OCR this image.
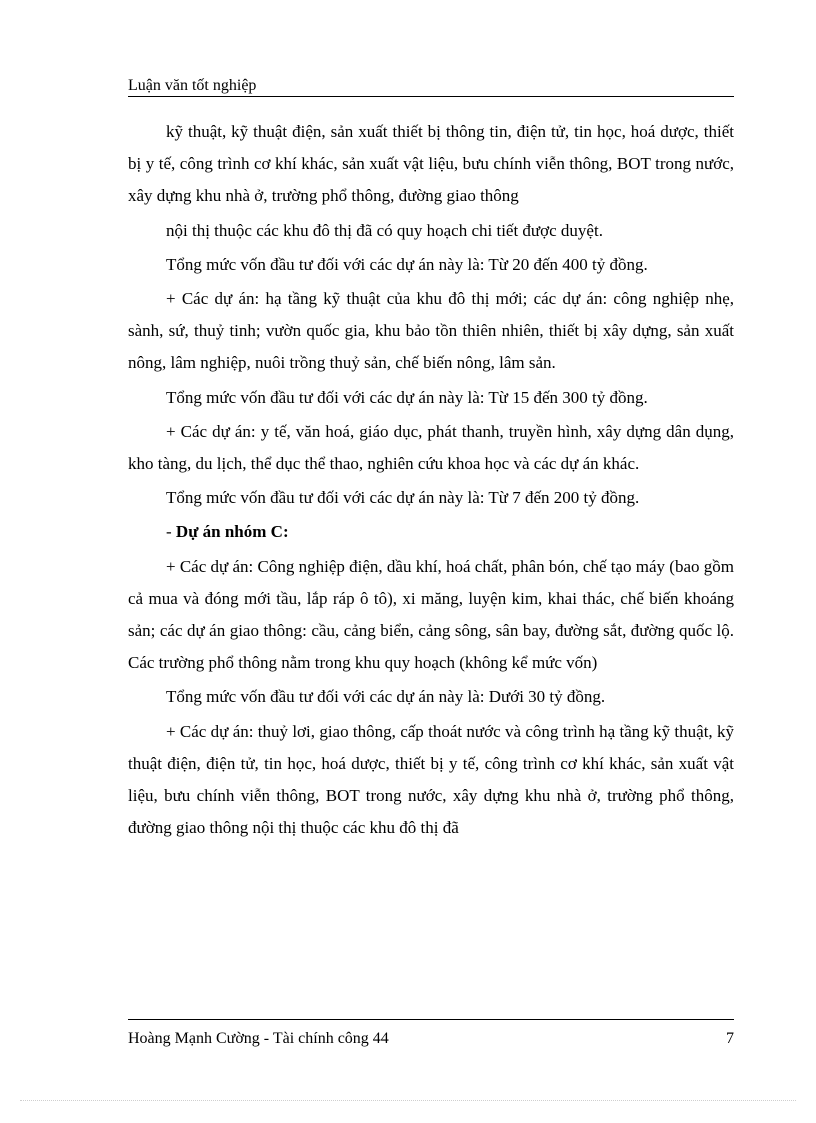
Luận văn tốt nghiệp

kỹ thuật, kỹ thuật điện, sản xuất thiết bị thông tin, điện tử, tin học, hoá dược, thiết bị y tế, công trình cơ khí khác, sản xuất vật liệu, bưu chính viễn thông, BOT trong nước, xây dựng khu nhà ở, trường phổ thông, đường giao thông

nội thị thuộc các khu đô thị đã có quy hoạch chi tiết được duyệt.

Tổng mức vốn đầu tư đối với các dự án này là: Từ 20 đến 400 tỷ đồng.

+ Các dự án: hạ tầng kỹ thuật của khu đô thị mới; các dự án: công nghiệp nhẹ, sành, sứ, thuỷ tinh; vườn quốc gia, khu bảo tồn thiên nhiên, thiết bị xây dựng, sản xuất nông, lâm nghiệp, nuôi trồng thuỷ sản, chế biến nông, lâm sản.

Tổng mức vốn đầu tư đối với các dự án này là: Từ 15 đến 300 tỷ đồng.

+ Các dự án: y tế, văn hoá, giáo dục, phát thanh, truyền hình, xây dựng dân dụng, kho tàng, du lịch, thể dục thể thao, nghiên cứu khoa học và các dự án khác.

Tổng mức vốn đầu tư đối với các dự án này là: Từ 7 đến 200 tỷ đồng.

- Dự án nhóm C:

+ Các dự án: Công nghiệp điện, dầu khí, hoá chất, phân bón, chế tạo máy (bao gồm cả mua và đóng mới tầu, lắp ráp ô tô), xi măng, luyện kim, khai thác, chế biến khoáng sản; các dự án giao thông: cầu, cảng biển, cảng sông, sân bay, đường sắt, đường quốc lộ. Các trường phổ thông nằm trong khu quy hoạch (không kể mức vốn)

Tổng mức vốn đầu tư đối với các dự án này là: Dưới 30 tỷ đồng.

+ Các dự án: thuỷ lơi, giao thông, cấp thoát nước và công trình hạ tầng kỹ thuật, kỹ thuật điện, điện tử, tin học, hoá dược, thiết bị y tế, công trình cơ khí khác, sản xuất vật liệu, bưu chính viễn thông, BOT trong nước, xây dựng khu nhà ở, trường phổ thông, đường giao thông nội thị thuộc các khu đô thị đã

Hoàng Mạnh Cường - Tài chính công 44	7
